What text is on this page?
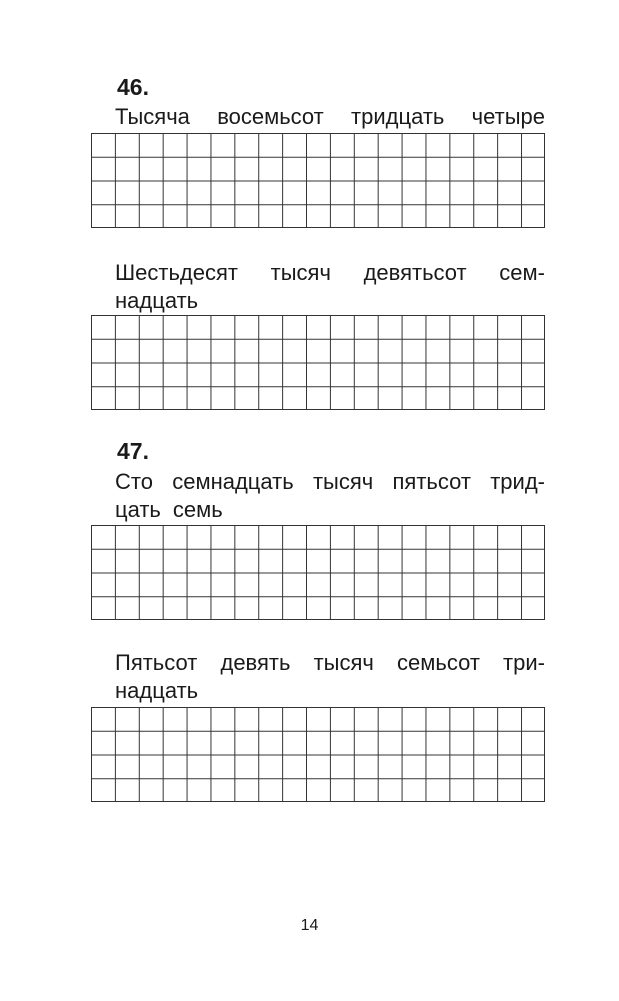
46.
Тысяча восемьсот тридцать четыре
Шестьдесят тысяч девятьсот сем-
надцать
47.
Сто семнадцать тысяч пятьсот трид-
цать семь
Пятьсот девять тысяч семьсот три-
надцать

14
